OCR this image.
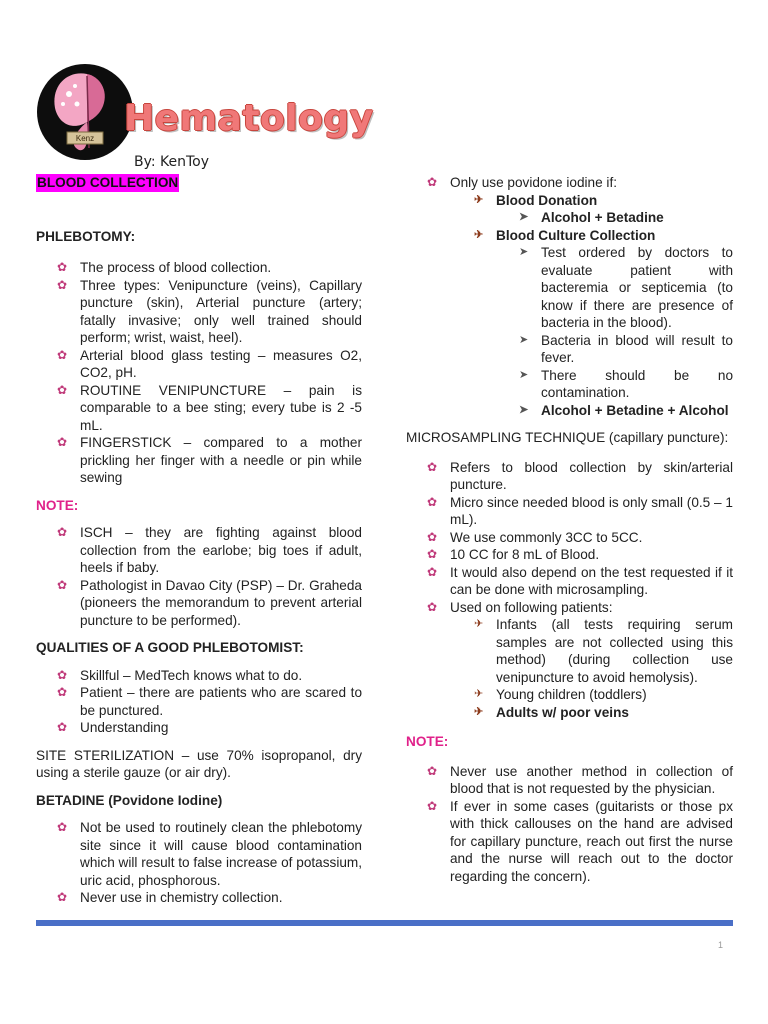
Kenz Hematology
By: KenToy

BLOOD COLLECTION

PHLEBOTOMY:

✿ The process of blood collection.
✿ Three types: Venipuncture (veins), Capillary puncture (skin), Arterial puncture (artery; fatally invasive; only well trained should perform; wrist, waist, heel).
✿ Arterial blood glass testing – measures O2, CO2, pH.
✿ ROUTINE VENIPUNCTURE – pain is comparable to a bee sting; every tube is 2 -5 mL.
✿ FINGERSTICK – compared to a mother prickling her finger with a needle or pin while sewing

NOTE:

✿ ISCH – they are fighting against blood collection from the earlobe; big toes if adult, heels if baby.
✿ Pathologist in Davao City (PSP) – Dr. Graheda (pioneers the memorandum to prevent arterial puncture to be performed).

QUALITIES OF A GOOD PHLEBOTOMIST:

✿ Skillful – MedTech knows what to do.
✿ Patient – there are patients who are scared to be punctured.
✿ Understanding

SITE STERILIZATION – use 70% isopropanol, dry using a sterile gauze (or air dry).

BETADINE (Povidone Iodine)

✿ Not be used to routinely clean the phlebotomy site since it will cause blood contamination which will result to false increase of potassium, uric acid, phosphorous.
✿ Never use in chemistry collection.
✿ Only use povidone iodine if:
✈ Blood Donation
➤ Alcohol + Betadine
✈ Blood Culture Collection
➤ Test ordered by doctors to evaluate patient with bacteremia or septicemia (to know if there are presence of bacteria in the blood).
➤ Bacteria in blood will result to fever.
➤ There should be no contamination.
➤ Alcohol + Betadine + Alcohol

MICROSAMPLING TECHNIQUE (capillary puncture):

✿ Refers to blood collection by skin/arterial puncture.
✿ Micro since needed blood is only small (0.5 – 1 mL).
✿ We use commonly 3CC to 5CC.
✿ 10 CC for 8 mL of Blood.
✿ It would also depend on the test requested if it can be done with microsampling.
✿ Used on following patients:
✈ Infants (all tests requiring serum samples are not collected using this method) (during collection use venipuncture to avoid hemolysis).
✈ Young children (toddlers)
✈ Adults w/ poor veins

NOTE:

✿ Never use another method in collection of blood that is not requested by the physician.
✿ If ever in some cases (guitarists or those px with thick callouses on the hand are advised for capillary puncture, reach out first the nurse and the nurse will reach out to the doctor regarding the concern).
1
